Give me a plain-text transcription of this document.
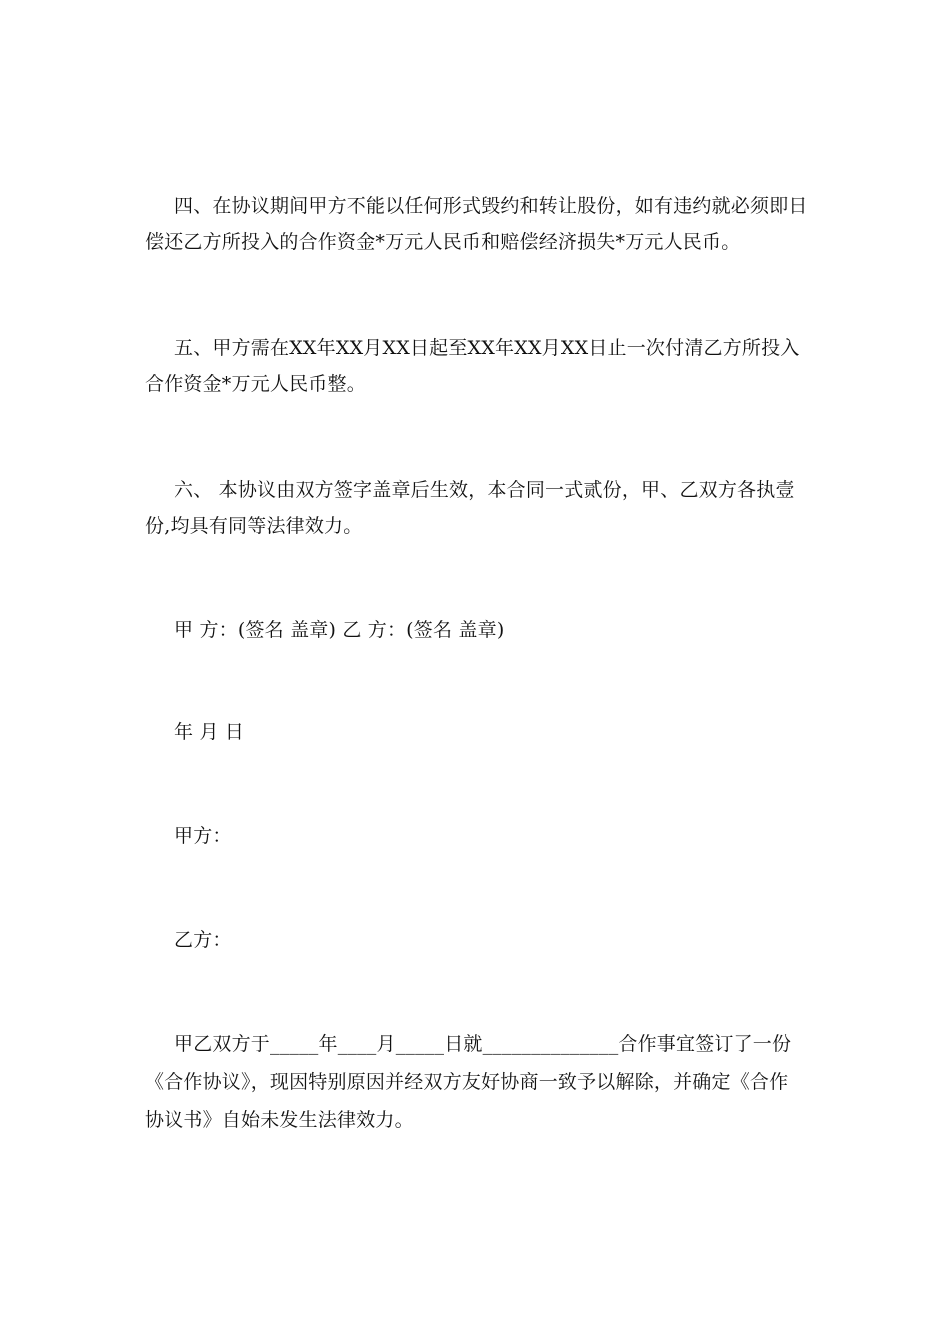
四、在协议期间甲方不能以任何形式毁约和转让股份，如有违约就必须即日
偿还乙方所投入的合作资金*万元人民币和赔偿经济损失*万元人民币。
五、甲方需在XX年XX月XX日起至XX年XX月XX日止一次付清乙方所投入
合作资金*万元人民币整。
六、 本协议由双方签字盖章后生效，本合同一式贰份，甲、乙双方各执壹
份,均具有同等法律效力。
甲 方：(签名 盖章) 乙 方：(签名 盖章)
年 月 日
甲方：
乙方：
甲乙双方于_____年____月_____日就______________合作事宜签订了一份
《合作协议》，现因特别原因并经双方友好协商一致予以解除，并确定《合作
协议书》自始未发生法律效力。
